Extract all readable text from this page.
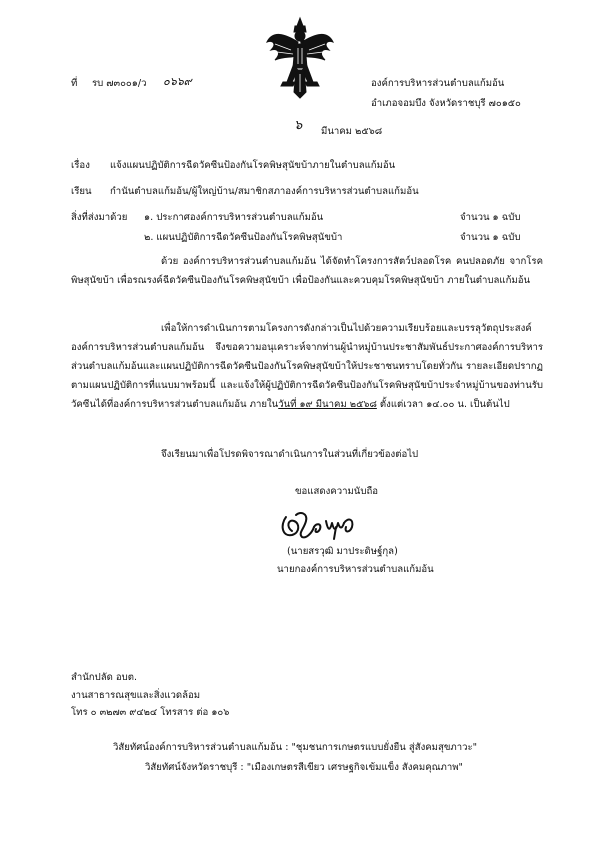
ที่ รบ ๗๓๐๐๑/ว ๐๖๖๙	องค์การบริหารส่วนตำบลแก้มอ้น
อำเภอจอมบึง จังหวัดราชบุรี ๗๐๑๕๐
๖ มีนาคม ๒๕๖๘
เรื่อง แจ้งแผนปฏิบัติการฉีดวัคซีนป้องกันโรคพิษสุนัขบ้าภายในตำบลแก้มอ้น
เรียน กำนันตำบลแก้มอ้น/ผู้ใหญ่บ้าน/สมาชิกสภาองค์การบริหารส่วนตำบลแก้มอ้น
สิ่งที่ส่งมาด้วย ๑. ประกาศองค์การบริหารส่วนตำบลแก้มอ้น	จำนวน ๑ ฉบับ
๒. แผนปฏิบัติการฉีดวัคซีนป้องกันโรคพิษสุนัขบ้า	จำนวน ๑ ฉบับ
ด้วย องค์การบริหารส่วนตำบลแก้มอ้น ได้จัดทำโครงการสัตว์ปลอดโรค คนปลอดภัย จากโรคพิษสุนัขบ้า เพื่อรณรงค์ฉีดวัคซีนป้องกันโรคพิษสุนัขบ้า เพื่อป้องกันและควบคุมโรคพิษสุนัขบ้า ภายในตำบลแก้มอ้น
เพื่อให้การดำเนินการตามโครงการดังกล่าวเป็นไปด้วยความเรียบร้อยและบรรลุวัตถุประสงค์ องค์การบริหารส่วนตำบลแก้มอ้น จึงขอความอนุเคราะห์จากท่านผู้นำหมู่บ้านประชาสัมพันธ์ประกาศองค์การบริหารส่วนตำบลแก้มอ้นและแผนปฏิบัติการฉีดวัคซีนป้องกันโรคพิษสุนัขบ้าให้ประชาชนทราบโดยทั่วกัน รายละเอียดปรากฏตามแผนปฏิบัติการที่แนบมาพร้อมนี้ และแจ้งให้ผู้ปฏิบัติการฉีดวัคซีนป้องกันโรคพิษสุนัขบ้าประจำหมู่บ้านของท่านรับวัคซีนได้ที่องค์การบริหารส่วนตำบลแก้มอ้น ภายในวันที่ ๑๙ มีนาคม ๒๕๖๘ ตั้งแต่เวลา ๑๔.๐๐ น. เป็นต้นไป
จึงเรียนมาเพื่อโปรดพิจารณาดำเนินการในส่วนที่เกี่ยวข้องต่อไป
ขอแสดงความนับถือ
(นายสรวุฒิ มาประดิษฐ์กุล)
นายกองค์การบริหารส่วนตำบลแก้มอ้น
สำนักปลัด อบต.
งานสาธารณสุขและสิ่งแวดล้อม
โทร ๐ ๓๒๗๓ ๙๔๒๔ โทรสาร ต่อ ๑๐๖
วิสัยทัศน์องค์การบริหารส่วนตำบลแก้มอ้น : "ชุมชนการเกษตรแบบยั่งยืน สู่สังคมสุขภาวะ"
วิสัยทัศน์จังหวัดราชบุรี : "เมืองเกษตรสีเขียว เศรษฐกิจเข้มแข็ง สังคมคุณภาพ"
